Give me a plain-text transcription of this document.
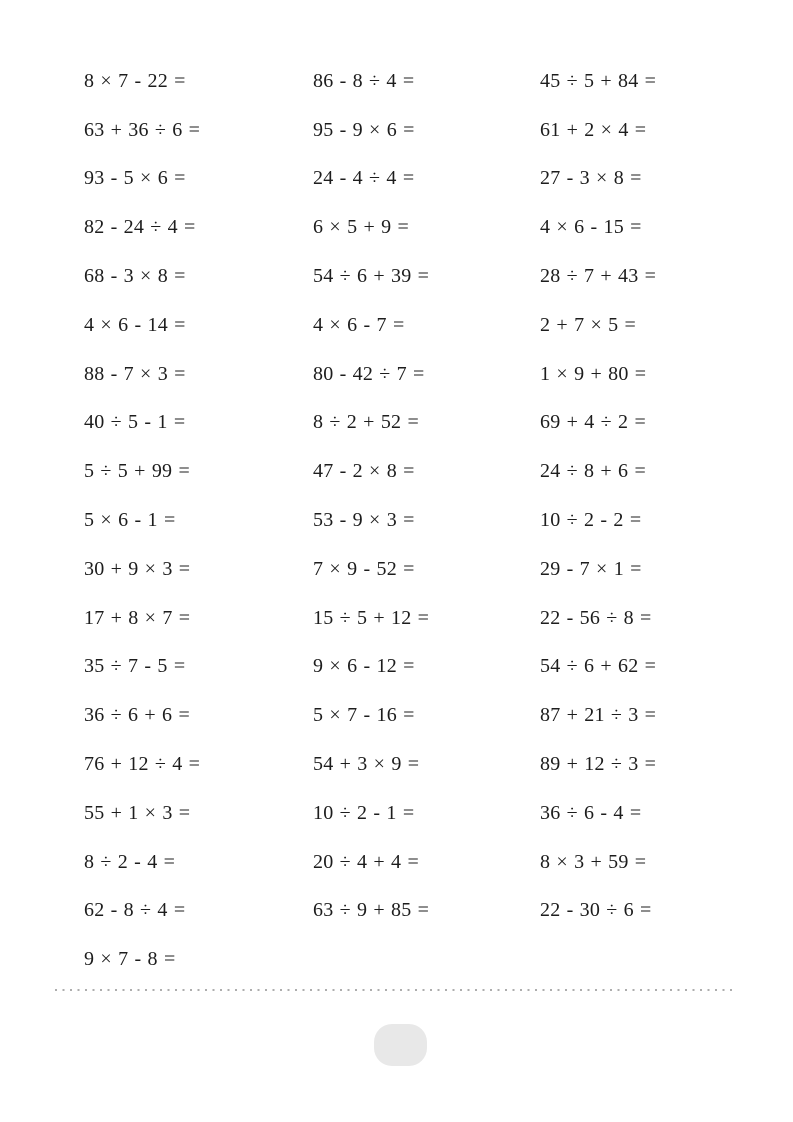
8 × 7 - 22 =	86 - 8 ÷ 4 =	45 ÷ 5 + 84 =
63 + 36 ÷ 6 =	95 - 9 × 6 =	61 + 2 × 4 =
93 - 5 × 6 =	24 - 4 ÷ 4 =	27 - 3 × 8 =
82 - 24 ÷ 4 =	6 × 5 + 9 =	4 × 6 - 15 =
68 - 3 × 8 =	54 ÷ 6 + 39 =	28 ÷ 7 + 43 =
4 × 6 - 14 =	4 × 6 - 7 =	2 + 7 × 5 =
88 - 7 × 3 =	80 - 42 ÷ 7 =	1 × 9 + 80 =
40 ÷ 5 - 1 =	8 ÷ 2 + 52 =	69 + 4 ÷ 2 =
5 ÷ 5 + 99 =	47 - 2 × 8 =	24 ÷ 8 + 6 =
5 × 6 - 1 =	53 - 9 × 3 =	10 ÷ 2 - 2 =
30 + 9 × 3 =	7 × 9 - 52 =	29 - 7 × 1 =
17 + 8 × 7 =	15 ÷ 5 + 12 =	22 - 56 ÷ 8 =
35 ÷ 7 - 5 =	9 × 6 - 12 =	54 ÷ 6 + 62 =
36 ÷ 6 + 6 =	5 × 7 - 16 =	87 + 21 ÷ 3 =
76 + 12 ÷ 4 =	54 + 3 × 9 =	89 + 12 ÷ 3 =
55 + 1 × 3 =	10 ÷ 2 - 1 =	36 ÷ 6 - 4 =
8 ÷ 2 - 4 =	20 ÷ 4 + 4 =	8 × 3 + 59 =
62 - 8 ÷ 4 =	63 ÷ 9 + 85 =	22 - 30 ÷ 6 =
9 × 7 - 8 =
